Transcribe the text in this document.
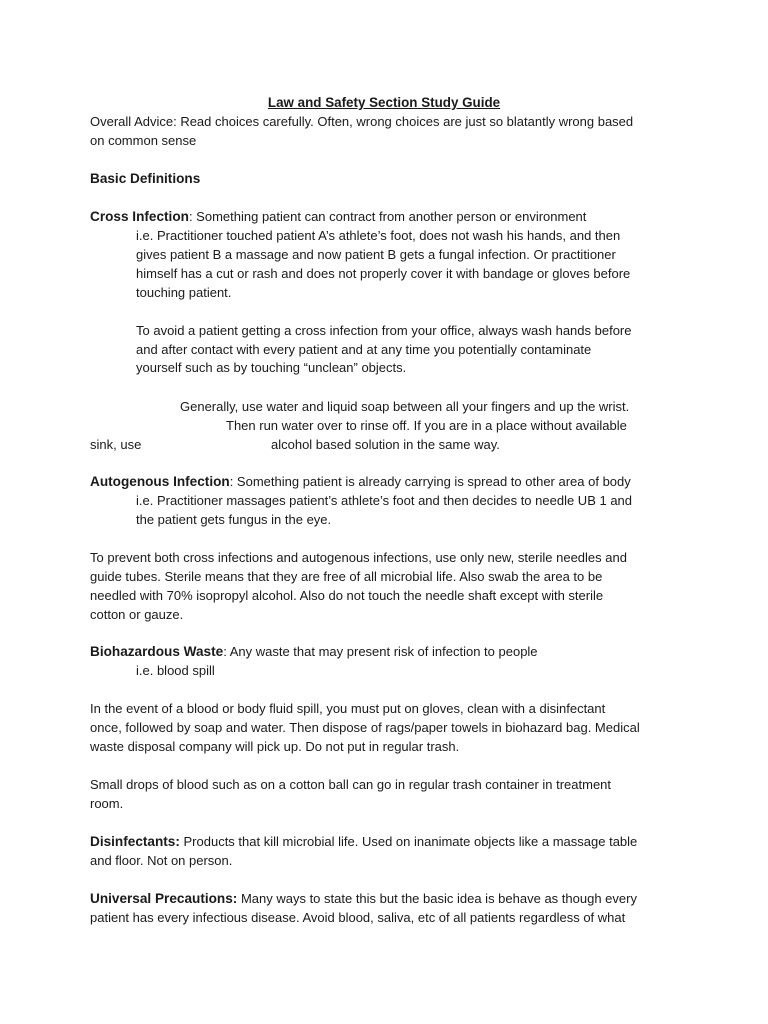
Law and Safety Section Study Guide
Overall Advice: Read choices carefully. Often, wrong choices are just so blatantly wrong based
on common sense
Basic Definitions
Cross Infection: Something patient can contract from another person or environment
i.e. Practitioner touched patient A’s athlete’s foot, does not wash his hands, and then
gives patient B a massage and now patient B gets a fungal infection. Or practitioner
himself has a cut or rash and does not properly cover it with bandage or gloves before
touching patient.
To avoid a patient getting a cross infection from your office, always wash hands before
and after contact with every patient and at any time you potentially contaminate
yourself such as by touching “unclean” objects.
Generally, use water and liquid soap between all your fingers and up the wrist.
Then run water over to rinse off. If you are in a place without available
sink, use	alcohol based solution in the same way.
Autogenous Infection: Something patient is already carrying is spread to other area of body
i.e. Practitioner massages patient’s athlete’s foot and then decides to needle UB 1 and
the patient gets fungus in the eye.
To prevent both cross infections and autogenous infections, use only new, sterile needles and
guide tubes. Sterile means that they are free of all microbial life. Also swab the area to be
needled with 70% isopropyl alcohol. Also do not touch the needle shaft except with sterile
cotton or gauze.
Biohazardous Waste: Any waste that may present risk of infection to people
i.e. blood spill
In the event of a blood or body fluid spill, you must put on gloves, clean with a disinfectant
once, followed by soap and water. Then dispose of rags/paper towels in biohazard bag. Medical
waste disposal company will pick up. Do not put in regular trash.
Small drops of blood such as on a cotton ball can go in regular trash container in treatment
room.
Disinfectants: Products that kill microbial life. Used on inanimate objects like a massage table
and floor. Not on person.
Universal Precautions: Many ways to state this but the basic idea is behave as though every
patient has every infectious disease. Avoid blood, saliva, etc of all patients regardless of what
